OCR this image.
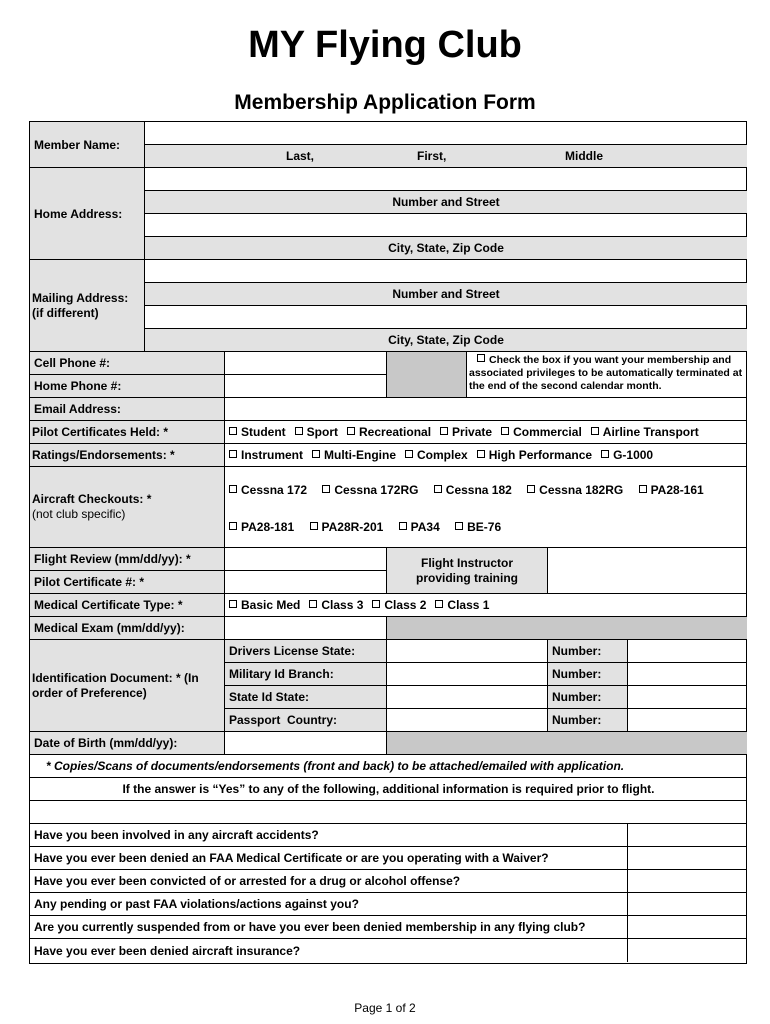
MY Flying Club
Membership Application Form
Member Name:
Last,	First,	Middle
Home Address:
Number and Street
City, State, Zip Code
Mailing Address:
(if different)
Number and Street
City, State, Zip Code
Cell Phone #:
Home Phone #:
Check the box if you want your membership and associated privileges to be automatically terminated at the end of the second calendar month.
Email Address:
Pilot Certificates Held: *	Student	Sport	Recreational	Private	Commercial	Airline Transport
Ratings/Endorsements: *	Instrument	Multi-Engine	Complex	High Performance	G-1000
Aircraft Checkouts: *
(not club specific)
Cessna 172 Cessna 172RG Cessna 182 Cessna 182RG PA28-161
PA28-181 PA28R-201 PA34 BE-76
Flight Review (mm/dd/yy): *
Pilot Certificate #: *
Flight Instructor providing training
Medical Certificate Type: *	Basic Med	Class 3	Class 2	Class 1
Medical Exam (mm/dd/yy):
Identification Document: * (In order of Preference)
Drivers License State:	Number:
Military Id Branch:	Number:
State Id State:	Number:
Passport  Country:	Number:
Date of Birth (mm/dd/yy):
* Copies/Scans of documents/endorsements (front and back) to be attached/emailed with application.
If the answer is “Yes” to any of the following, additional information is required prior to flight.
Have you been involved in any aircraft accidents?
Have you ever been denied an FAA Medical Certificate or are you operating with a Waiver?
Have you ever been convicted of or arrested for a drug or alcohol offense?
Any pending or past FAA violations/actions against you?
Are you currently suspended from or have you ever been denied membership in any flying club?
Have you ever been denied aircraft insurance?
Page 1 of 2
